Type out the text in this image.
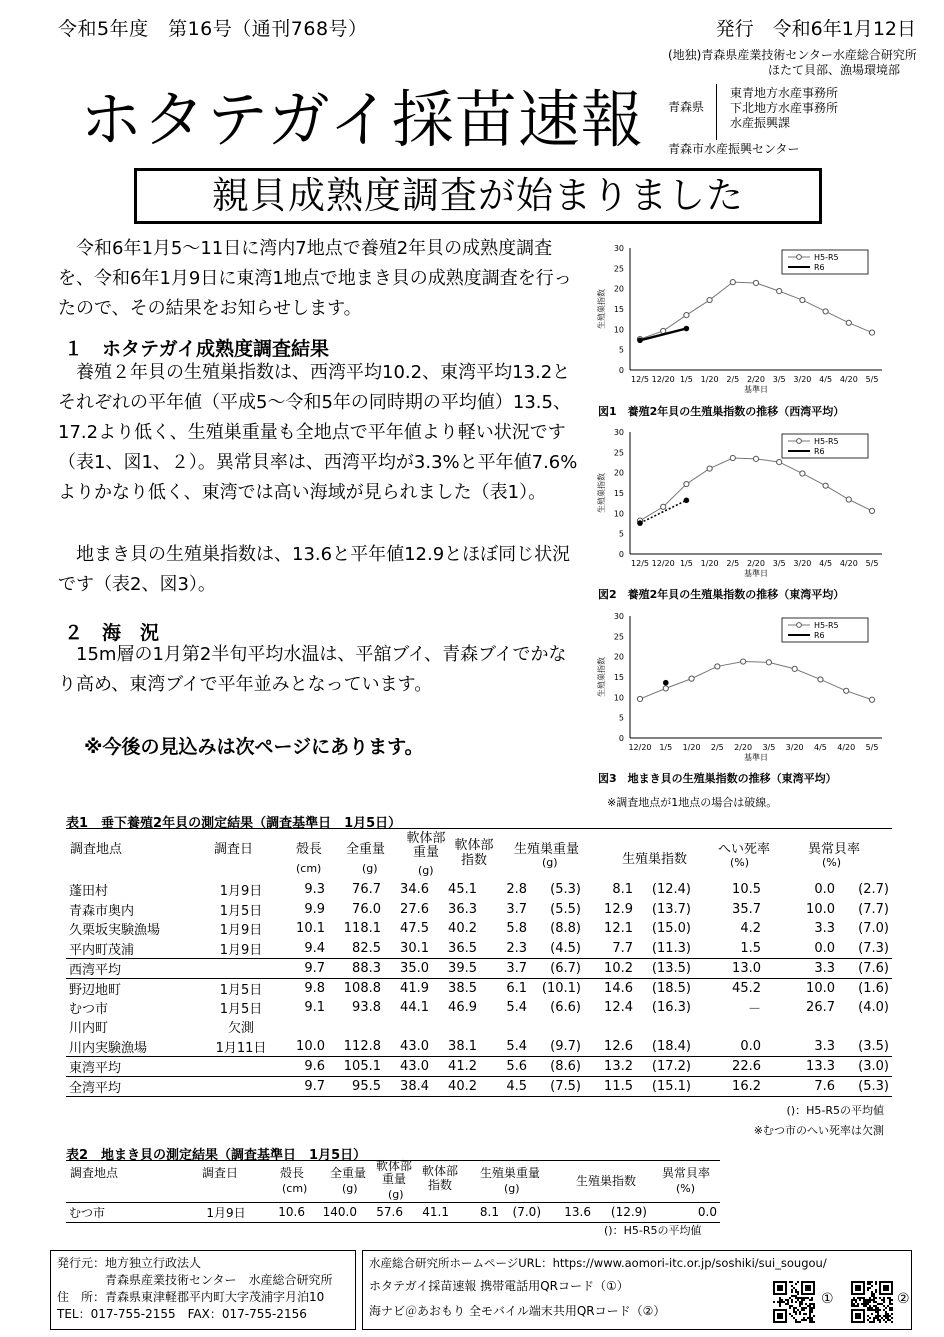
令和5年度　第16号（通刊768号）	発行　令和6年1月12日
ホタテガイ採苗速報
(地独)青森県産業技術センター水産総合研究所
ほたて貝部、漁場環境部
青森県
東青地方水産事務所
下北地方水産事務所
水産振興課
青森市水産振興センター
親貝成熟度調査が始まりました
令和6年1月5～11日に湾内7地点で養殖2年貝の成熟度調査を、令和6年1月9日に東湾1地点で地まき貝の成熟度調査を行ったので、その結果をお知らせします。
１　ホタテガイ成熟度調査結果
養殖２年貝の生殖巣指数は、西湾平均10.2、東湾平均13.2とそれぞれの平年値（平成5～令和5年の同時期の平均値）13.5、17.2より低く、生殖巣重量も全地点で平年値より軽い状況です（表1、図1、２）。異常貝率は、西湾平均が3.3%と平年値7.6%よりかなり低く、東湾では高い海域が見られました（表1）。
地まき貝の生殖巣指数は、13.6と平年値12.9とほぼ同じ状況です（表2、図3）。
２　海　況
15m層の1月第2半旬平均水温は、平舘ブイ、青森ブイでかなり高め、東湾ブイで平年並みとなっています。
※今後の見込みは次ページにあります。
0
5
10
15
20
25
30
12/5 12/20 1/5 1/20 2/5 2/20 3/5 3/20 4/5 4/20 5/5
基準日
生殖巣指数
H5-R5
R6
図1　養殖2年貝の生殖巣指数の推移（西湾平均）
0
5
10
15
20
25
30
12/5 12/20 1/5 1/20 2/5 2/20 3/5 3/20 4/5 4/20 5/5
基準日
生殖巣指数
H5-R5
R6
図2　養殖2年貝の生殖巣指数の推移（東湾平均）
0
5
10
15
20
25
30
12/20 1/5 1/20 2/5 2/20 3/5 3/20 4/5 4/20 5/5
基準日
生殖巣指数
H5-R5
R6
図3　地まき貝の生殖巣指数の推移（東湾平均）
※調査地点が1地点の場合は破線。
表1　垂下養殖2年貝の測定結果（調査基準日　1月5日）
調査地点	調査日	殻長
(cm)
全重量
(g)
軟体部重量
(g)
軟体部指数
生殖巣重量
(g)	生殖巣指数
へい死率
(%)
異常貝率
(%)
蓬田村	1月9日	9.3	76.7	34.6	45.1	2.8	(5.3)	8.1	(12.4)	10.5	0.0	(2.7)
青森市奥内	1月5日	9.9	76.0	27.6	36.3	3.7	(5.5)	12.9	(13.7)	35.7	10.0	(7.7)
久栗坂実験漁場	1月9日	10.1	118.1	47.5	40.2	5.8	(8.8)	12.1	(15.0)	4.2	3.3	(7.0)
平内町茂浦	1月9日	9.4	82.5	30.1	36.5	2.3	(4.5)	7.7	(11.3)	1.5	0.0	(7.3)
西湾平均		9.7	88.3	35.0	39.5	3.7	(6.7)	10.2	(13.5)	13.0	3.3	(7.6)
野辺地町	1月5日	9.8	108.8	41.9	38.5	6.1	(10.1)	14.6	(18.5)	45.2	10.0	(1.6)
むつ市	1月5日	9.1	93.8	44.1	46.9	5.4	(6.6)	12.4	(16.3)	－	26.7	(4.0)
川内町	欠測											
川内実験漁場	1月11日	10.0	112.8	43.0	38.1	5.4	(9.7)	12.6	(18.4)	0.0	3.3	(3.5)
東湾平均		9.6	105.1	43.0	41.2	5.6	(8.6)	13.2	(17.2)	22.6	13.3	(3.0)
全湾平均		9.7	95.5	38.4	40.2	4.5	(7.5)	11.5	(15.1)	16.2	7.6	(5.3)
()：H5-R5の平均値
※むつ市のへい死率は欠測
表2　地まき貝の測定結果（調査基準日　1月5日）
調査地点	調査日	殻長
(cm)
全重量
(g)
軟体部重量
(g)
軟体部指数
生殖巣重量
(g)
生殖巣指数
異常貝率
(%)
むつ市	1月9日	10.6	140.0	57.6	41.1	8.1	(7.0)	13.6	(12.9)	0.0
()：H5-R5の平均値
発行元：地方独立行政法人
青森県産業技術センター　水産総合研究所
住　所：青森県東津軽郡平内町大字茂浦字月泊10
TEL：017-755-2155　FAX：017-755-2156
水産総合研究所ホームページURL：https://www.aomori-itc.or.jp/soshiki/sui_sougou/
ホタテガイ採苗速報 携帯電話用QRコード（①）
海ナビ＠あおもり 全モバイル端末共用QRコード（②）
①	②
